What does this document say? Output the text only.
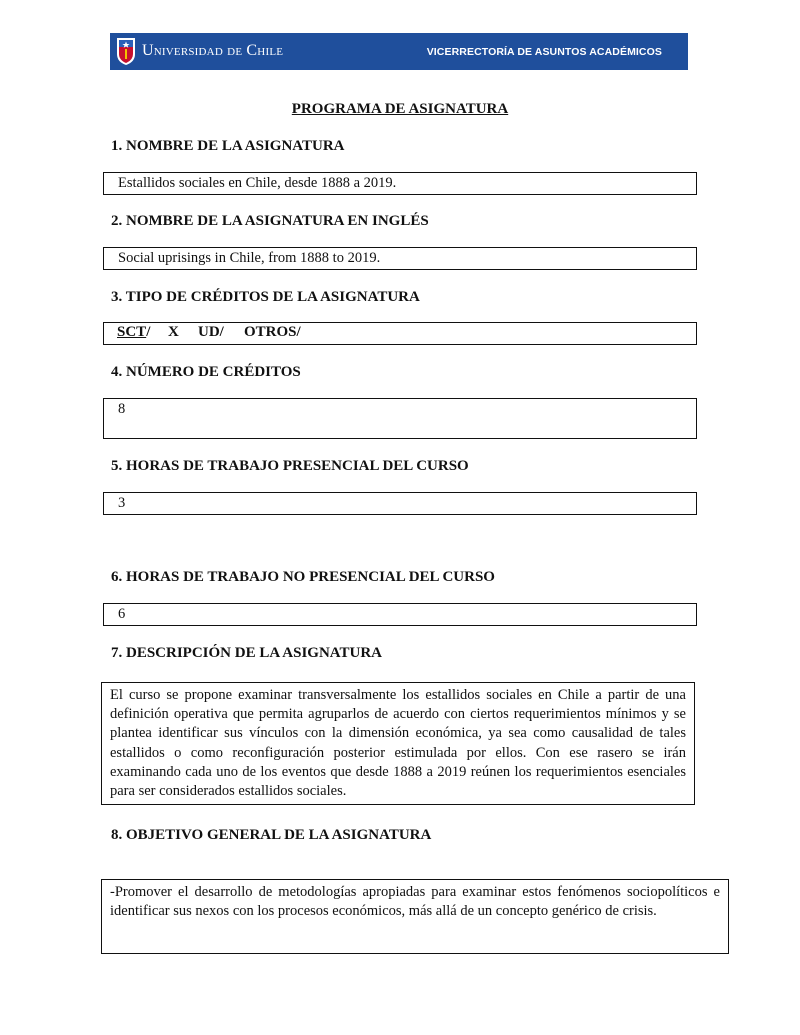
Universidad de Chile	VICERRECTORÍA DE ASUNTOS ACADÉMICOS
PROGRAMA DE ASIGNATURA
1. NOMBRE DE LA ASIGNATURA
Estallidos sociales en Chile, desde 1888 a 2019.
2. NOMBRE DE LA ASIGNATURA EN INGLÉS
Social uprisings in Chile, from 1888 to 2019.
3. TIPO DE CRÉDITOS DE LA ASIGNATURA
SCT/ X UD/ OTROS/
4. NÚMERO DE CRÉDITOS
8
5. HORAS DE TRABAJO PRESENCIAL DEL CURSO
3
6. HORAS DE TRABAJO NO PRESENCIAL DEL CURSO
6
7. DESCRIPCIÓN DE LA ASIGNATURA
El curso se propone examinar transversalmente los estallidos sociales en Chile a partir de una definición operativa que permita agruparlos de acuerdo con ciertos requerimientos mínimos y se plantea identificar sus vínculos con la dimensión económica, ya sea como causalidad de tales estallidos o como reconfiguración posterior estimulada por ellos. Con ese rasero se irán examinando cada uno de los eventos que desde 1888 a 2019 reúnen los requerimientos esenciales para ser considerados estallidos sociales.
8. OBJETIVO GENERAL DE LA ASIGNATURA
-Promover el desarrollo de metodologías apropiadas para examinar estos fenómenos sociopolíticos e identificar sus nexos con los procesos económicos, más allá de un concepto genérico de crisis.
